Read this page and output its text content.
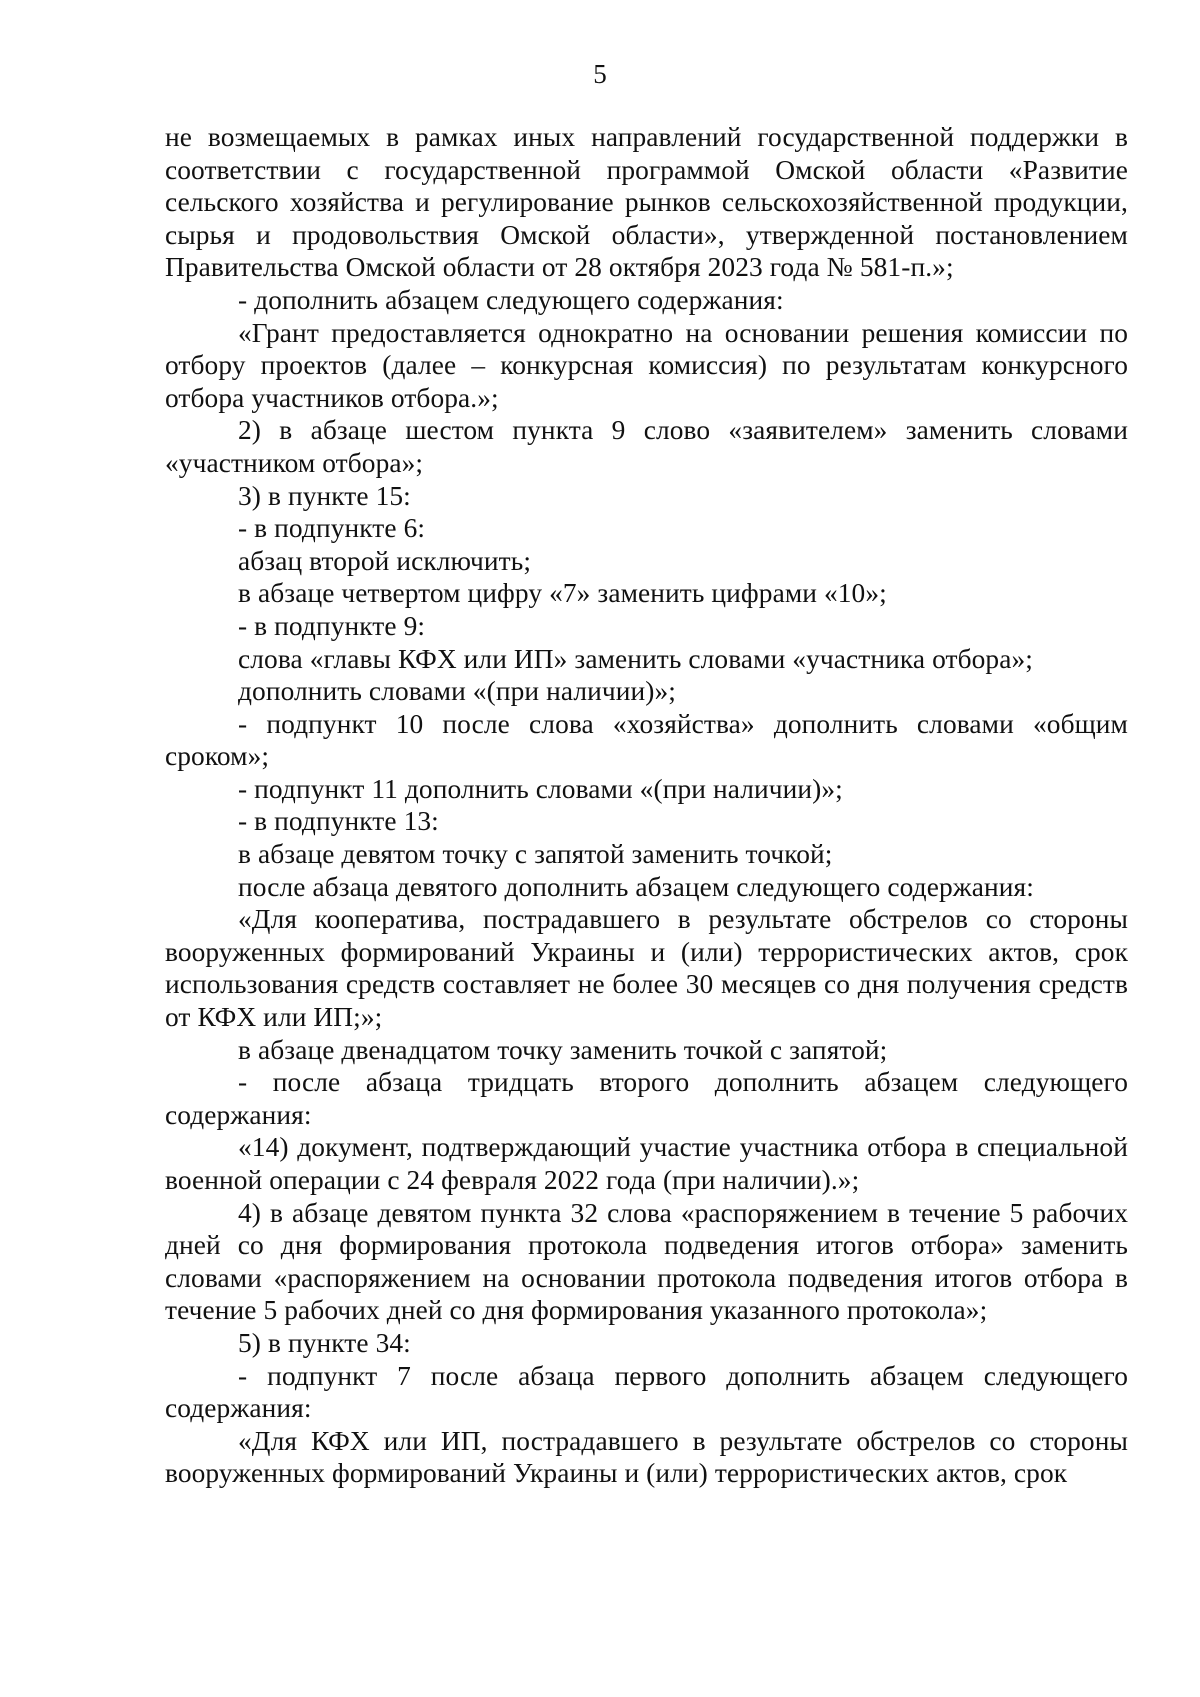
5

не возмещаемых в рамках иных направлений государственной поддержки в соответствии с государственной программой Омской области «Развитие сельского хозяйства и регулирование рынков сельскохозяйственной продукции, сырья и продовольствия Омской области», утвержденной постановлением Правительства Омской области от 28 октября 2023 года № 581-п.»;

- дополнить абзацем следующего содержания:

«Грант предоставляется однократно на основании решения комиссии по отбору проектов (далее – конкурсная комиссия) по результатам конкурсного отбора участников отбора.»;

2) в абзаце шестом пункта 9 слово «заявителем» заменить словами «участником отбора»;

3) в пункте 15:

- в подпункте 6:

абзац второй исключить;

в абзаце четвертом цифру «7» заменить цифрами «10»;

- в подпункте 9:

слова «главы КФХ или ИП» заменить словами «участника отбора»;

дополнить словами «(при наличии)»;

- подпункт 10 после слова «хозяйства» дополнить словами «общим сроком»;

- подпункт 11 дополнить словами «(при наличии)»;

- в подпункте 13:

в абзаце девятом точку с запятой заменить точкой;

после абзаца девятого дополнить абзацем следующего содержания:

«Для кооператива, пострадавшего в результате обстрелов со стороны вооруженных формирований Украины и (или) террористических актов, срок использования средств составляет не более 30 месяцев со дня получения средств от КФХ или ИП;»;

в абзаце двенадцатом точку заменить точкой с запятой;

- после абзаца тридцать второго дополнить абзацем следующего содержания:

«14) документ, подтверждающий участие участника отбора в специальной военной операции с 24 февраля 2022 года (при наличии).»;

4) в абзаце девятом пункта 32 слова «распоряжением в течение 5 рабочих дней со дня формирования протокола подведения итогов отбора» заменить словами «распоряжением на основании протокола подведения итогов отбора в течение 5 рабочих дней со дня формирования указанного протокола»;

5) в пункте 34:

- подпункт 7 после абзаца первого дополнить абзацем следующего содержания:

«Для КФХ или ИП, пострадавшего в результате обстрелов со стороны вооруженных формирований Украины и (или) террористических актов, срок
